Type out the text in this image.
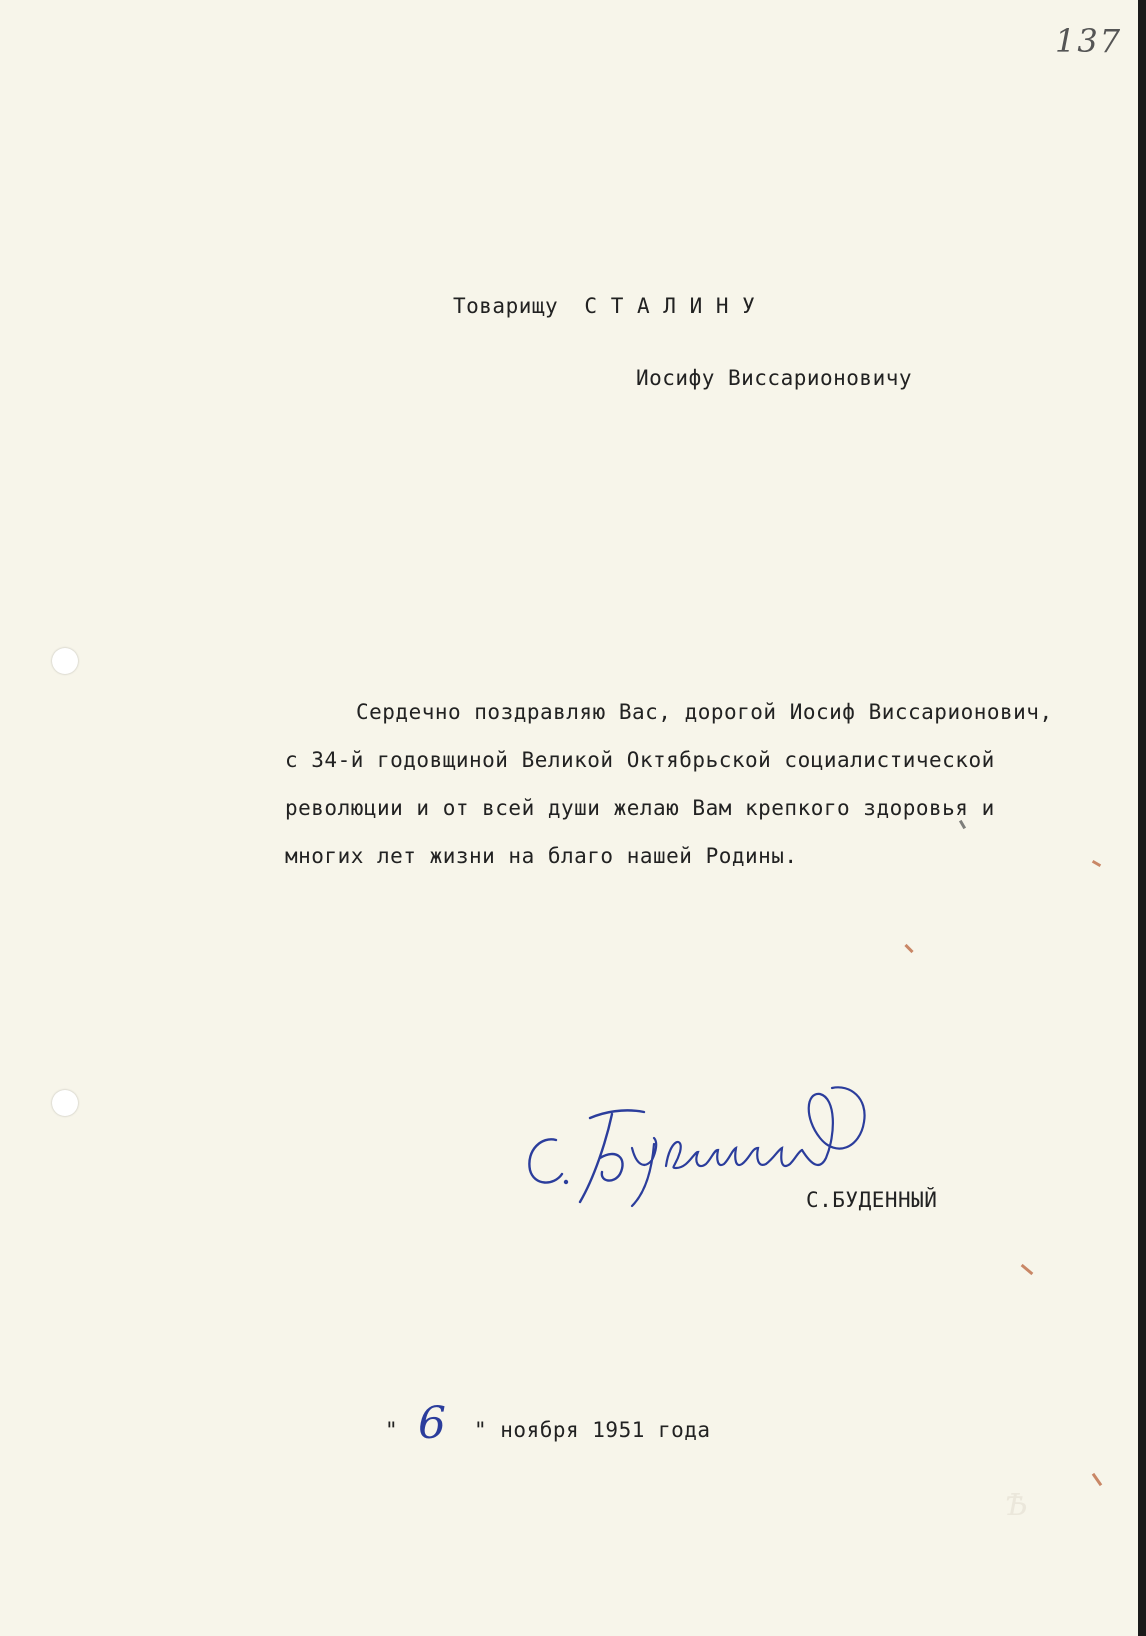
137
Товарищу  С Т А Л И Н У
Иосифу Виссарионовичу
Сердечно поздравляю Вас, дорогой Иосиф Виссарионович,
с 34-й годовщиной Великой Октябрьской социалистической
революции и от всей души желаю Вам крепкого здоровья и
многих лет жизни на благо нашей Родины.
С.БУДЕННЫЙ
" 6 " ноября 1951 года
Ѣ
